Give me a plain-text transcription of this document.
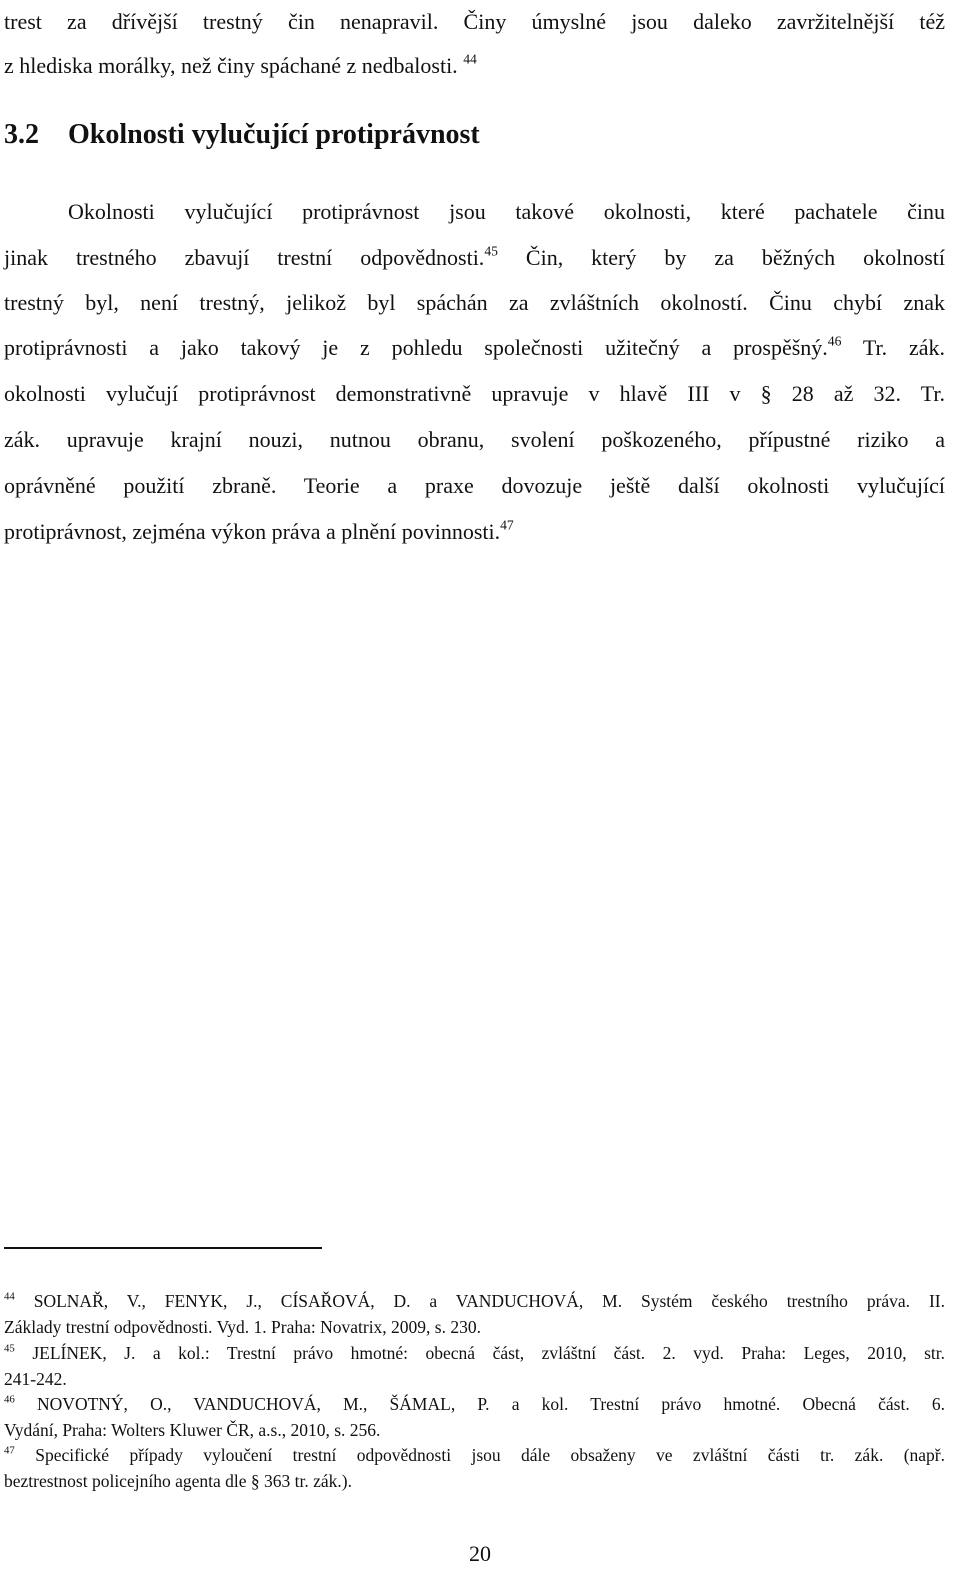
trest za dřívější trestný čin nenapravil. Činy úmyslné jsou daleko zavržitelnější též
z hlediska morálky, než činy spáchané z nedbalosti. $^{44}$
3.2 Okolnosti vylučující protiprávnost
Okolnosti vylučující protiprávnost jsou takové okolnosti, které pachatele činu
jinak trestného zbavují trestní odpovědnosti.$^{45}$ Čin, který by za běžných okolností
trestný byl, není trestný, jelikož byl spáchán za zvláštních okolností. Činu chybí znak
protiprávnosti a jako takový je z pohledu společnosti užitečný a prospěšný.$^{46}$ Tr. zák.
okolnosti vylučují protiprávnost demonstrativně upravuje v hlavě III v § 28 až 32. Tr.
zák. upravuje krajní nouzi, nutnou obranu, svolení poškozeného, přípustné riziko a
oprávněné použití zbraně. Teorie a praxe dovozuje ještě další okolnosti vylučující
protiprávnost, zejména výkon práva a plnění povinnosti.$^{47}$
$^{44}$ SOLNAŘ, V., FENYK, J., CÍSAŘOVÁ, D. a VANDUCHOVÁ, M. Systém českého trestního práva. II.
Základy trestní odpovědnosti. Vyd. 1. Praha: Novatrix, 2009, s. 230.
$^{45}$ JELÍNEK, J. a kol.: Trestní právo hmotné: obecná část, zvláštní část. 2. vyd. Praha: Leges, 2010, str.
241-242.
$^{46}$ NOVOTNÝ, O., VANDUCHOVÁ, M., ŠÁMAL, P. a kol. Trestní právo hmotné. Obecná část. 6.
Vydání, Praha: Wolters Kluwer ČR, a.s., 2010, s. 256.
$^{47}$ Specifické případy vyloučení trestní odpovědnosti jsou dále obsaženy ve zvláštní části tr. zák. (např.
beztrestnost policejního agenta dle § 363 tr. zák.).
20
